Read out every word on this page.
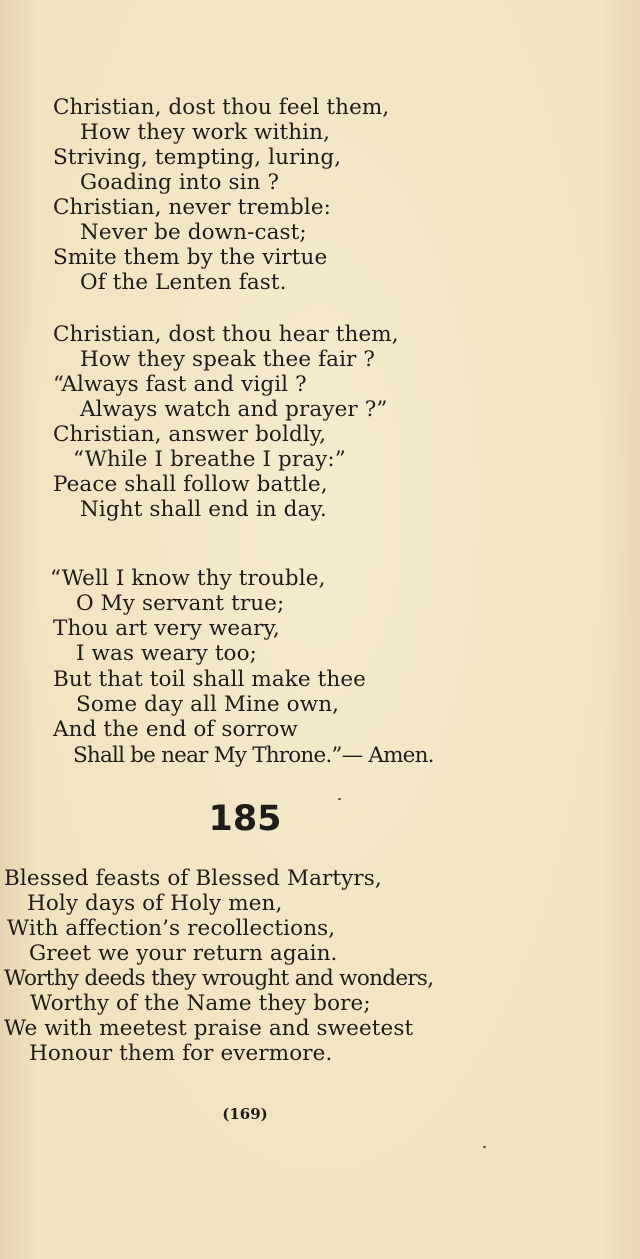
Christian, dost thou feel them,
How they work within,
Striving, tempting, luring,
Goading into sin ?
Christian, never tremble:
Never be down-cast;
Smite them by the virtue
Of the Lenten fast.
Christian, dost thou hear them,
How they speak thee fair ?
“Always fast and vigil ?
Always watch and prayer ?”
Christian, answer boldly,
“While I breathe I pray:”
Peace shall follow battle,
Night shall end in day.
“Well I know thy trouble,
O My servant true;
Thou art very weary,
I was weary too;
But that toil shall make thee
Some day all Mine own,
And the end of sorrow
Shall be near My Throne.”— Amen.
185
Blessed feasts of Blessed Martyrs,
Holy days of Holy men,
With affection’s recollections,
Greet we your return again.
Worthy deeds they wrought and wonders,
Worthy of the Name they bore;
We with meetest praise and sweetest
Honour them for evermore.
(169)
